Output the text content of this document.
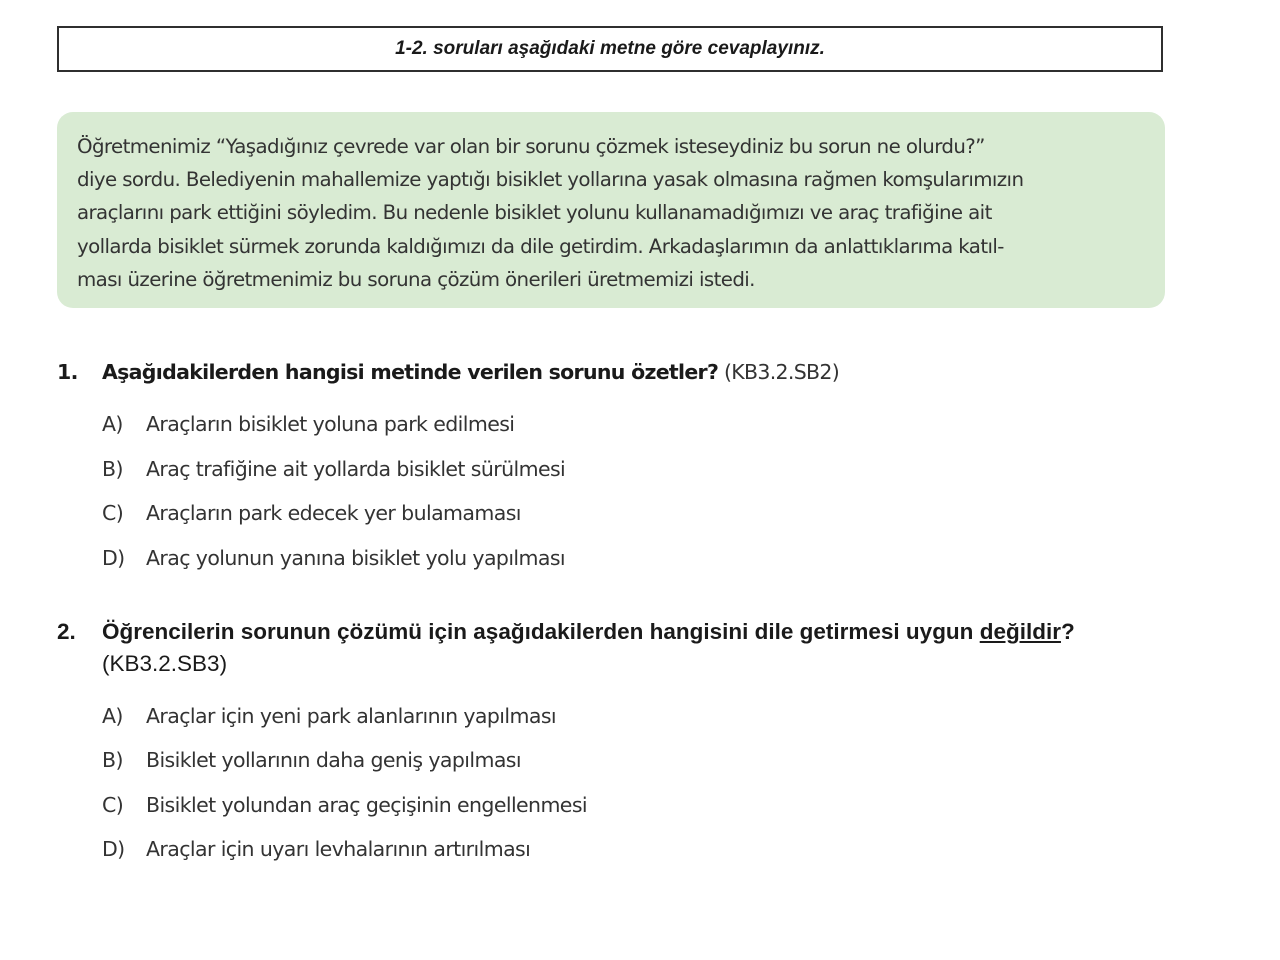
1-2. soruları aşağıdaki metne göre cevaplayınız.
Öğretmenimiz “Yaşadığınız çevrede var olan bir sorunu çözmek isteseydiniz bu sorun ne olurdu?”
diye sordu. Belediyenin mahallemize yaptığı bisiklet yollarına yasak olmasına rağmen komşularımızın
araçlarını park ettiğini söyledim. Bu nedenle bisiklet yolunu kullanamadığımızı ve araç trafiğine ait
yollarda bisiklet sürmek zorunda kaldığımızı da dile getirdim. Arkadaşlarımın da anlattıklarıma katıl-
ması üzerine öğretmenimiz bu soruna çözüm önerileri üretmemizi istedi.
1. Aşağıdakilerden hangisi metinde verilen sorunu özetler? (KB3.2.SB2)
A) Araçların bisiklet yoluna park edilmesi
B) Araç trafiğine ait yollarda bisiklet sürülmesi
C) Araçların park edecek yer bulamaması
D) Araç yolunun yanına bisiklet yolu yapılması
2. Öğrencilerin sorunun çözümü için aşağıdakilerden hangisini dile getirmesi uygun değildir?
(KB3.2.SB3)
A) Araçlar için yeni park alanlarının yapılması
B) Bisiklet yollarının daha geniş yapılması
C) Bisiklet yolundan araç geçişinin engellenmesi
D) Araçlar için uyarı levhalarının artırılması
